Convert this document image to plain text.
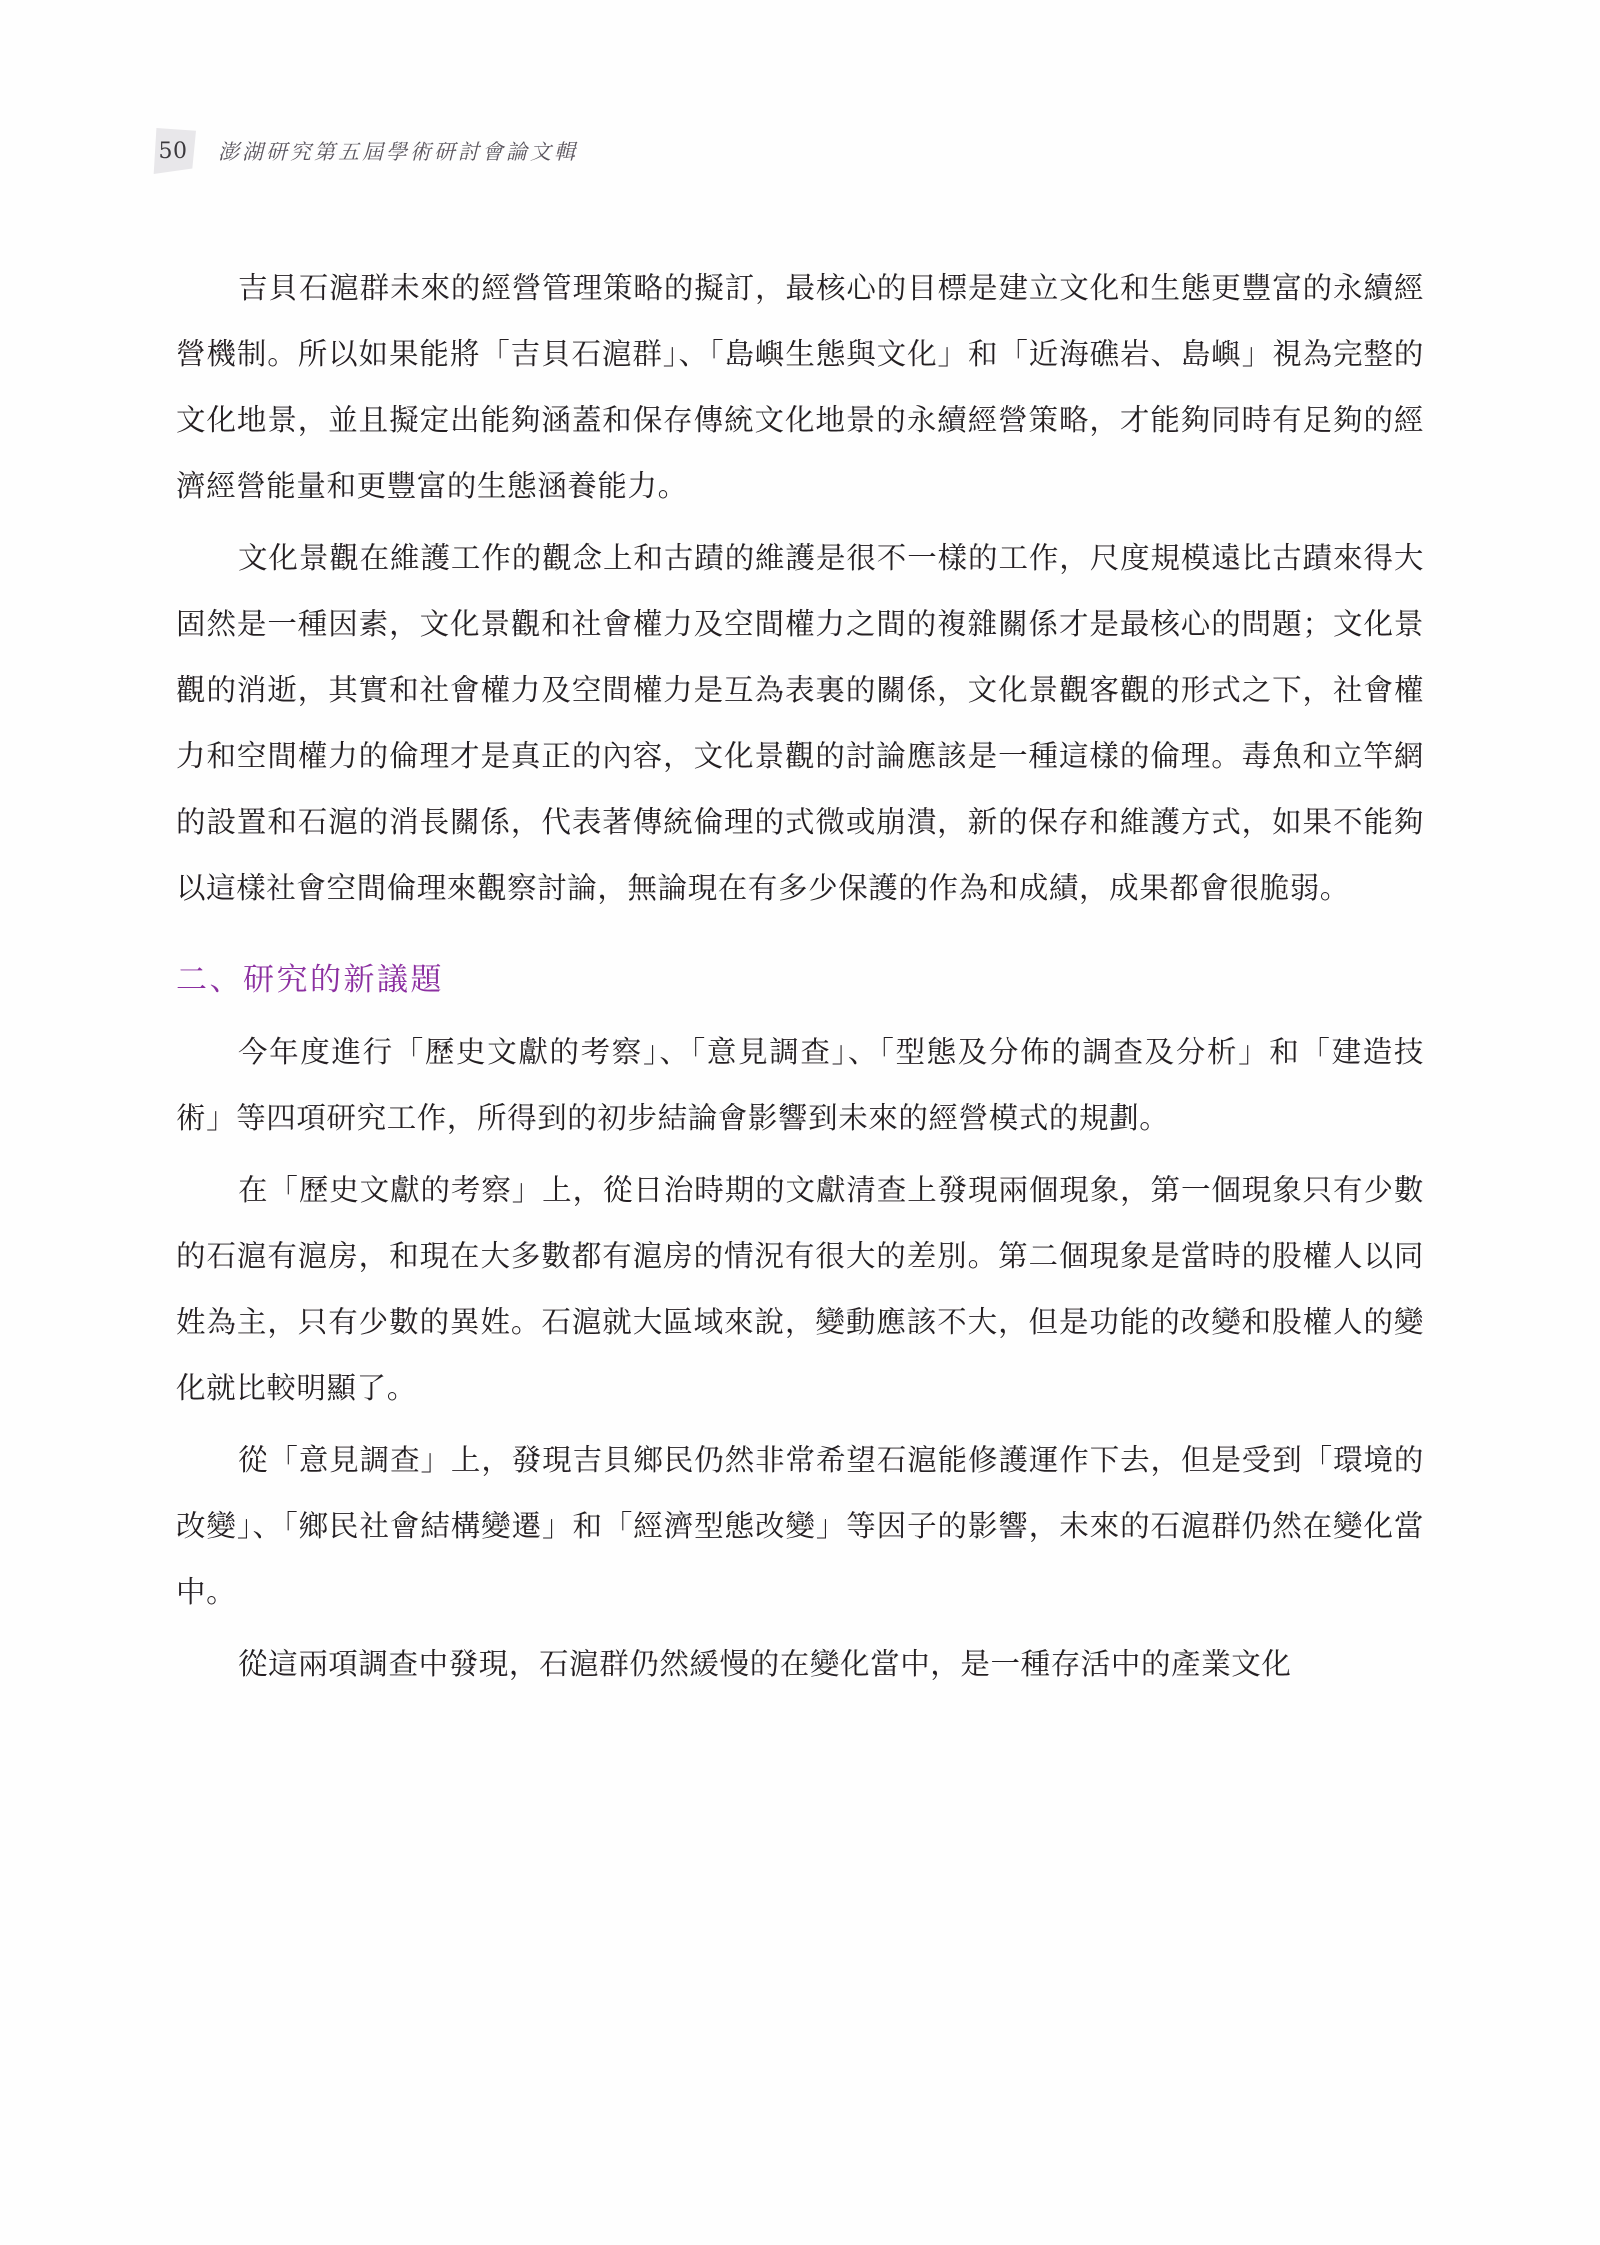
50 澎湖研究第五屆學術研討會論文輯

吉貝石滬群未來的經營管理策略的擬訂，最核心的目標是建立文化和生態更豐富的永續經營機制。所以如果能將「吉貝石滬群」、「島嶼生態與文化」和「近海礁岩、島嶼」視為完整的文化地景，並且擬定出能夠涵蓋和保存傳統文化地景的永續經營策略，才能夠同時有足夠的經濟經營能量和更豐富的生態涵養能力。

文化景觀在維護工作的觀念上和古蹟的維護是很不一樣的工作，尺度規模遠比古蹟來得大固然是一種因素，文化景觀和社會權力及空間權力之間的複雜關係才是最核心的問題；文化景觀的消逝，其實和社會權力及空間權力是互為表裏的關係，文化景觀客觀的形式之下，社會權力和空間權力的倫理才是真正的內容，文化景觀的討論應該是一種這樣的倫理。毒魚和立竿網的設置和石滬的消長關係，代表著傳統倫理的式微或崩潰，新的保存和維護方式，如果不能夠以這樣社會空間倫理來觀察討論，無論現在有多少保護的作為和成績，成果都會很脆弱。

二、研究的新議題

今年度進行「歷史文獻的考察」、「意見調查」、「型態及分佈的調查及分析」和「建造技術」等四項研究工作，所得到的初步結論會影響到未來的經營模式的規劃。

在「歷史文獻的考察」上，從日治時期的文獻清查上發現兩個現象，第一個現象只有少數的石滬有滬房，和現在大多數都有滬房的情況有很大的差別。第二個現象是當時的股權人以同姓為主，只有少數的異姓。石滬就大區域來說，變動應該不大，但是功能的改變和股權人的變化就比較明顯了。

從「意見調查」上，發現吉貝鄉民仍然非常希望石滬能修護運作下去，但是受到「環境的改變」、「鄉民社會結構變遷」和「經濟型態改變」等因子的影響，未來的石滬群仍然在變化當中。

從這兩項調查中發現，石滬群仍然緩慢的在變化當中，是一種存活中的產業文化
